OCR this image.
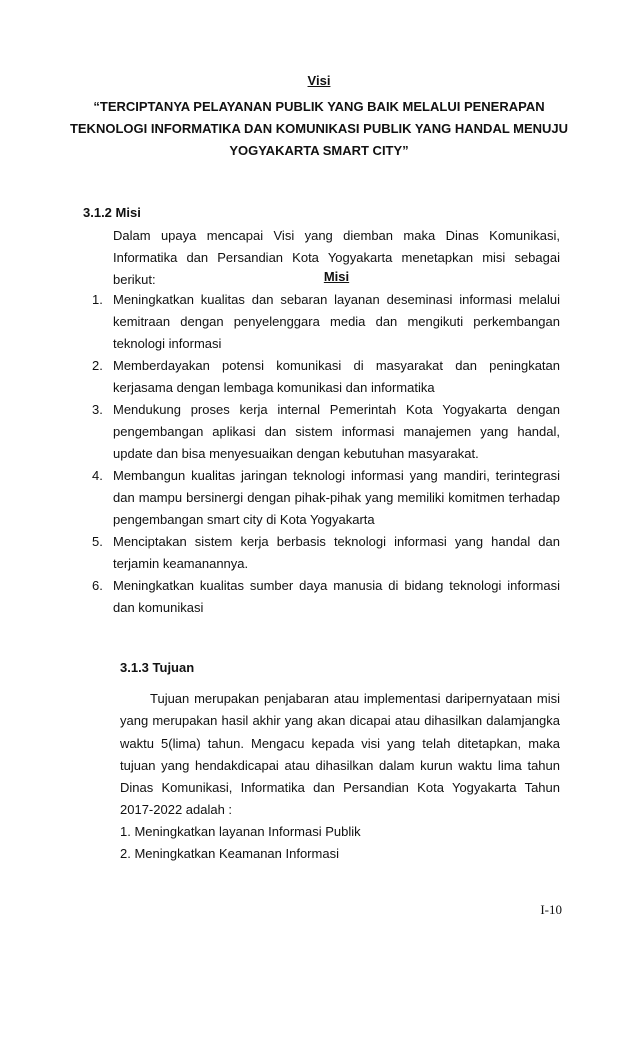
Visi
“TERCIPTANYA PELAYANAN PUBLIK YANG BAIK MELALUI PENERAPAN TEKNOLOGI INFORMATIKA DAN KOMUNIKASI PUBLIK YANG HANDAL MENUJU YOGYAKARTA SMART CITY”
3.1.2 Misi
Dalam upaya mencapai Visi yang diemban maka Dinas Komunikasi, Informatika dan Persandian Kota Yogyakarta menetapkan misi sebagai berikut:	Misi
1. Meningkatkan kualitas dan sebaran layanan deseminasi informasi melalui kemitraan dengan penyelenggara media dan mengikuti perkembangan teknologi informasi
2. Memberdayakan potensi komunikasi di masyarakat dan peningkatan kerjasama dengan lembaga komunikasi dan informatika
3. Mendukung proses kerja internal Pemerintah Kota Yogyakarta dengan pengembangan aplikasi dan sistem informasi manajemen yang handal, update dan bisa menyesuaikan dengan kebutuhan masyarakat.
4. Membangun kualitas jaringan teknologi informasi yang mandiri, terintegrasi dan mampu bersinergi dengan pihak-pihak yang memiliki komitmen terhadap pengembangan smart city di Kota Yogyakarta
5. Menciptakan sistem kerja berbasis teknologi informasi yang handal dan terjamin keamanannya.
6. Meningkatkan kualitas sumber daya manusia di bidang teknologi informasi dan komunikasi
3.1.3 Tujuan

Tujuan merupakan penjabaran atau implementasi daripernyataan misi yang merupakan hasil akhir yang akan dicapai atau dihasilkan dalamjangka waktu 5(lima) tahun. Mengacu kepada visi yang telah ditetapkan, maka tujuan yang hendakdicapai atau dihasilkan dalam kurun waktu lima tahun Dinas Komunikasi, Informatika dan Persandian Kota Yogyakarta Tahun 2017-2022 adalah :

1. Meningkatkan layanan Informasi Publik
2. Meningkatkan Keamanan Informasi
I-10
